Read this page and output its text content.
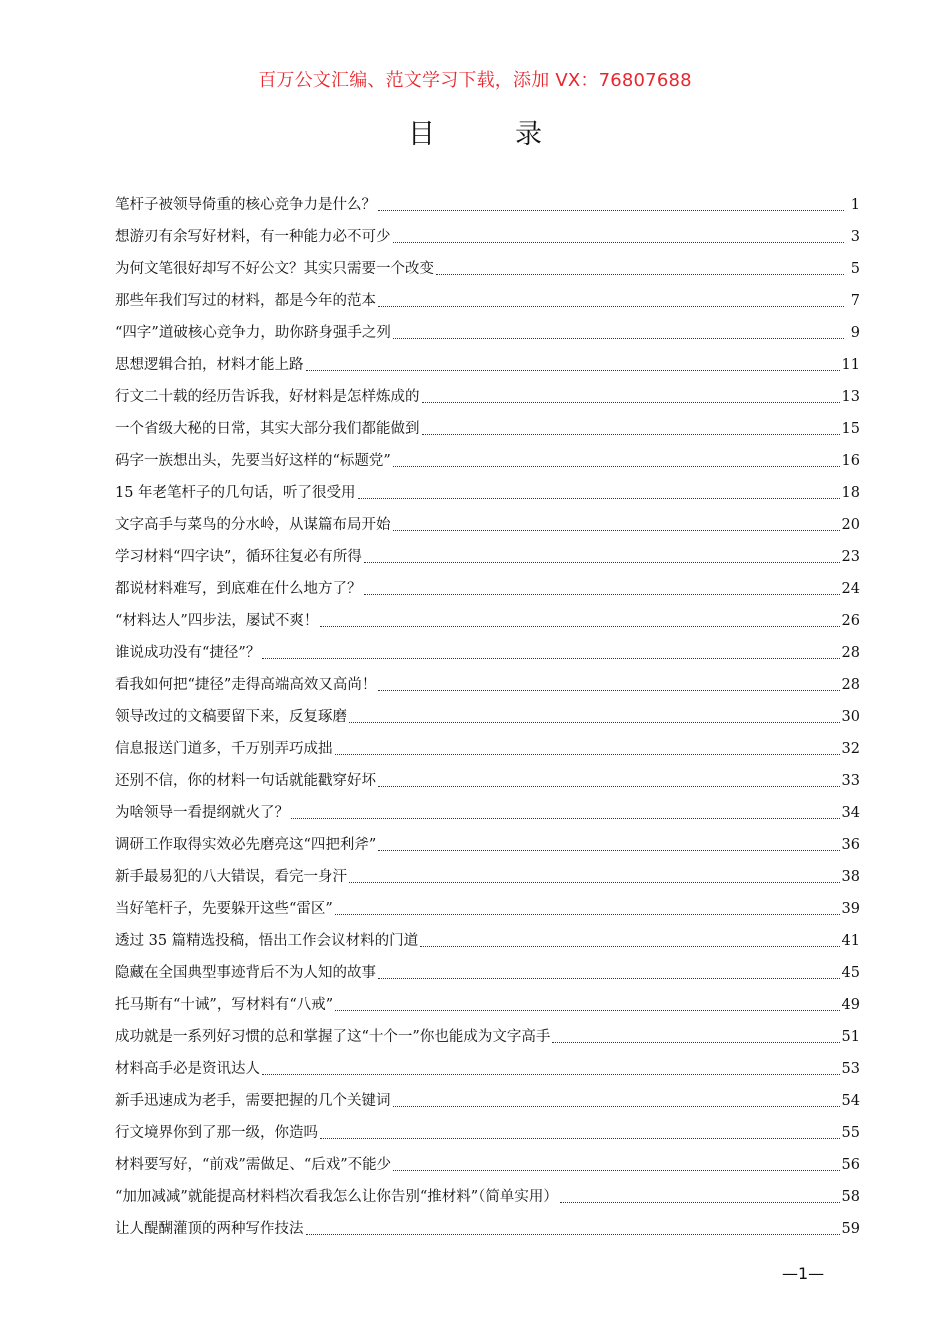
百万公文汇编、范文学习下载，添加 VX：76807688
目录
笔杆子被领导倚重的核心竞争力是什么？	1
想游刃有余写好材料，有一种能力必不可少	3
为何文笔很好却写不好公文？其实只需要一个改变	5
那些年我们写过的材料，都是今年的范本	7
“四字”道破核心竞争力，助你跻身强手之列	9
思想逻辑合拍，材料才能上路	11
行文二十载的经历告诉我，好材料是怎样炼成的	13
一个省级大秘的日常，其实大部分我们都能做到	15
码字一族想出头，先要当好这样的“标题党”	16
15 年老笔杆子的几句话，听了很受用	18
文字高手与菜鸟的分水岭，从谋篇布局开始	20
学习材料“四字诀”，循环往复必有所得	23
都说材料难写，到底难在什么地方了？	24
“材料达人”四步法，屡试不爽！	26
谁说成功没有“捷径”？	28
看我如何把“捷径”走得高端高效又高尚！	28
领导改过的文稿要留下来，反复琢磨	30
信息报送门道多，千万别弄巧成拙	32
还别不信，你的材料一句话就能戳穿好坏	33
为啥领导一看提纲就火了？	34
调研工作取得实效必先磨亮这“四把利斧”	36
新手最易犯的八大错误，看完一身汗	38
当好笔杆子，先要躲开这些“雷区”	39
透过 35 篇精选投稿，悟出工作会议材料的门道	41
隐藏在全国典型事迹背后不为人知的故事	45
托马斯有“十诫”，写材料有“八戒”	49
成功就是一系列好习惯的总和掌握了这“十个一”你也能成为文字高手	51
材料高手必是资讯达人	53
新手迅速成为老手，需要把握的几个关键词	54
行文境界你到了那一级，你造吗	55
材料要写好，“前戏”需做足、“后戏”不能少	56
“加加减减”就能提高材料档次看我怎么让你告别“推材料”（简单实用）	58
让人醍醐灌顶的两种写作技法	59
—1—
